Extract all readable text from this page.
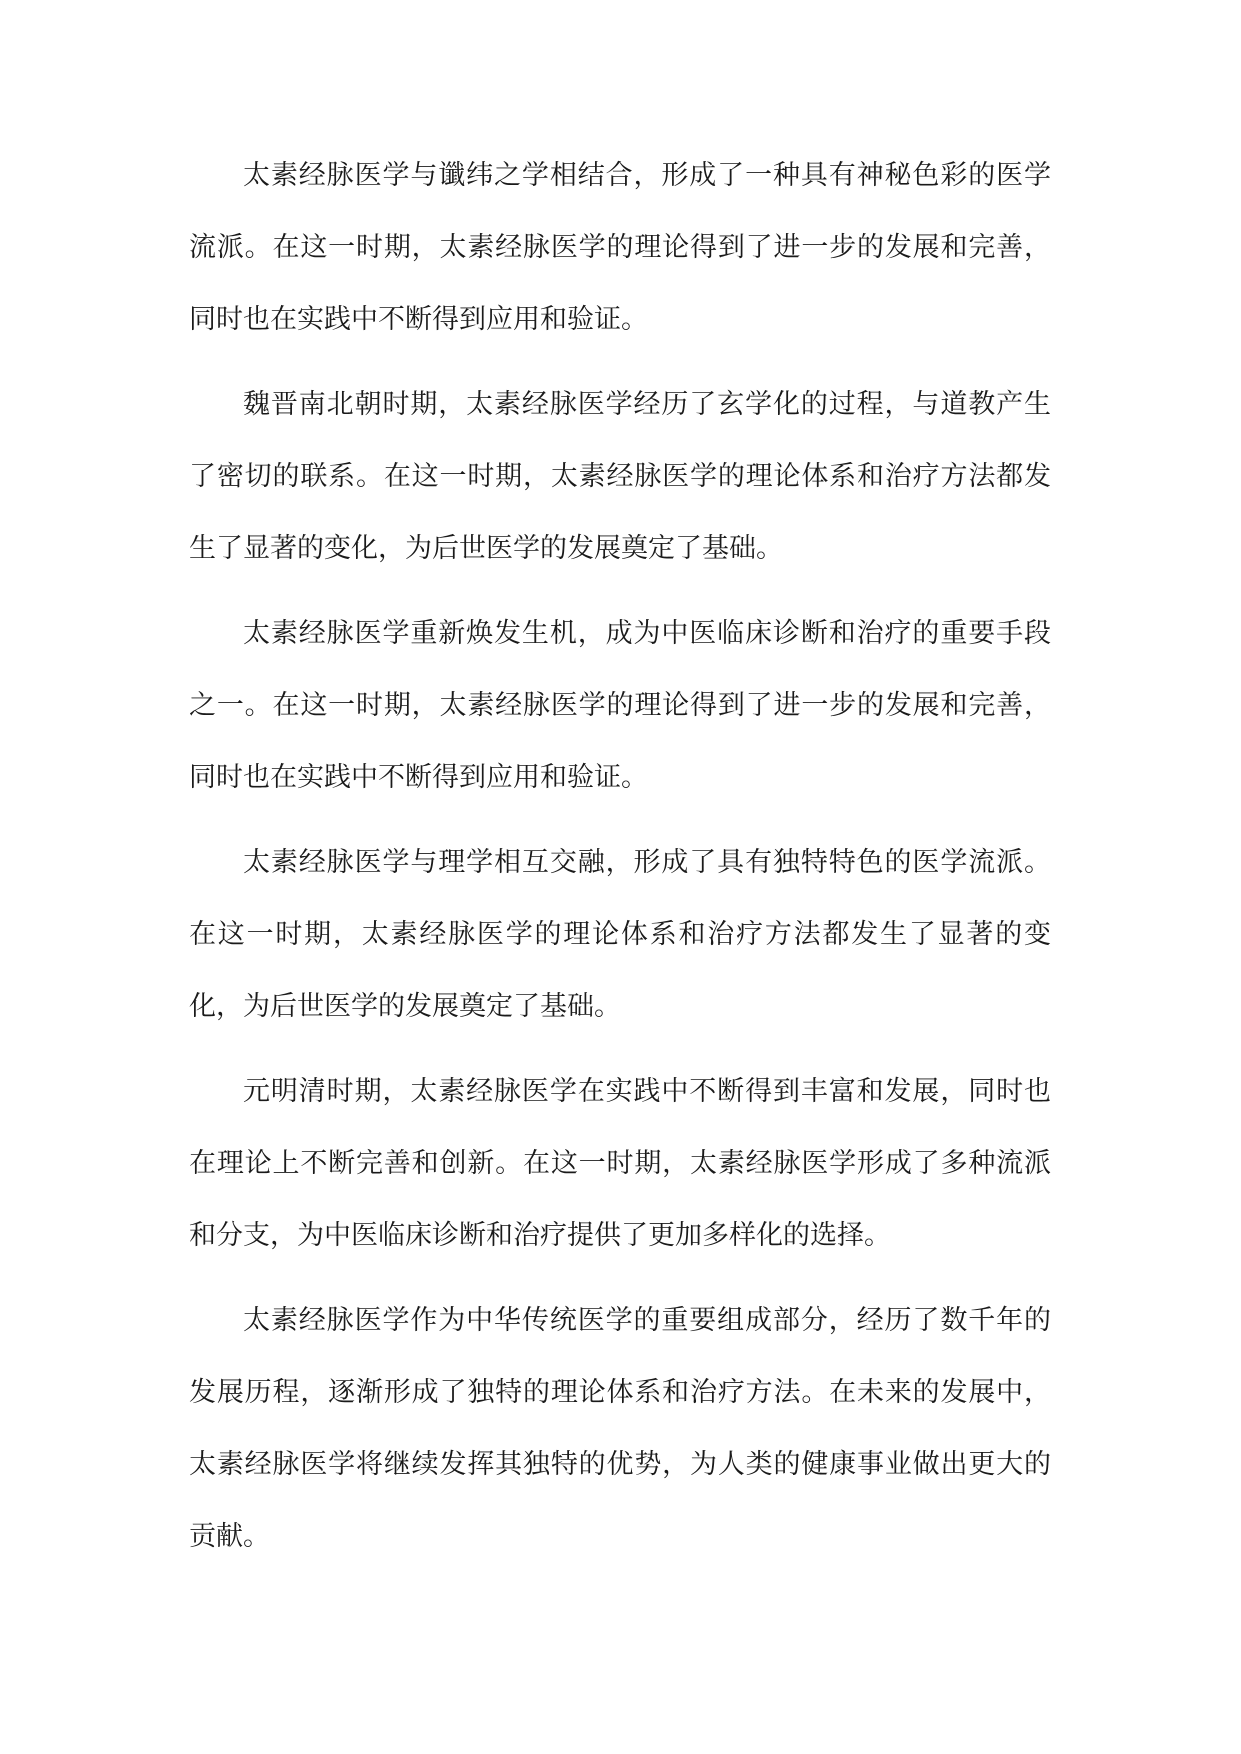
太素经脉医学与谶纬之学相结合，形成了一种具有神秘色彩的医学流派。在这一时期，太素经脉医学的理论得到了进一步的发展和完善，同时也在实践中不断得到应用和验证。

魏晋南北朝时期，太素经脉医学经历了玄学化的过程，与道教产生了密切的联系。在这一时期，太素经脉医学的理论体系和治疗方法都发生了显著的变化，为后世医学的发展奠定了基础。

太素经脉医学重新焕发生机，成为中医临床诊断和治疗的重要手段之一。在这一时期，太素经脉医学的理论得到了进一步的发展和完善，同时也在实践中不断得到应用和验证。

太素经脉医学与理学相互交融，形成了具有独特特色的医学流派。在这一时期，太素经脉医学的理论体系和治疗方法都发生了显著的变化，为后世医学的发展奠定了基础。

元明清时期，太素经脉医学在实践中不断得到丰富和发展，同时也在理论上不断完善和创新。在这一时期，太素经脉医学形成了多种流派和分支，为中医临床诊断和治疗提供了更加多样化的选择。

太素经脉医学作为中华传统医学的重要组成部分，经历了数千年的发展历程，逐渐形成了独特的理论体系和治疗方法。在未来的发展中，太素经脉医学将继续发挥其独特的优势，为人类的健康事业做出更大的贡献。
